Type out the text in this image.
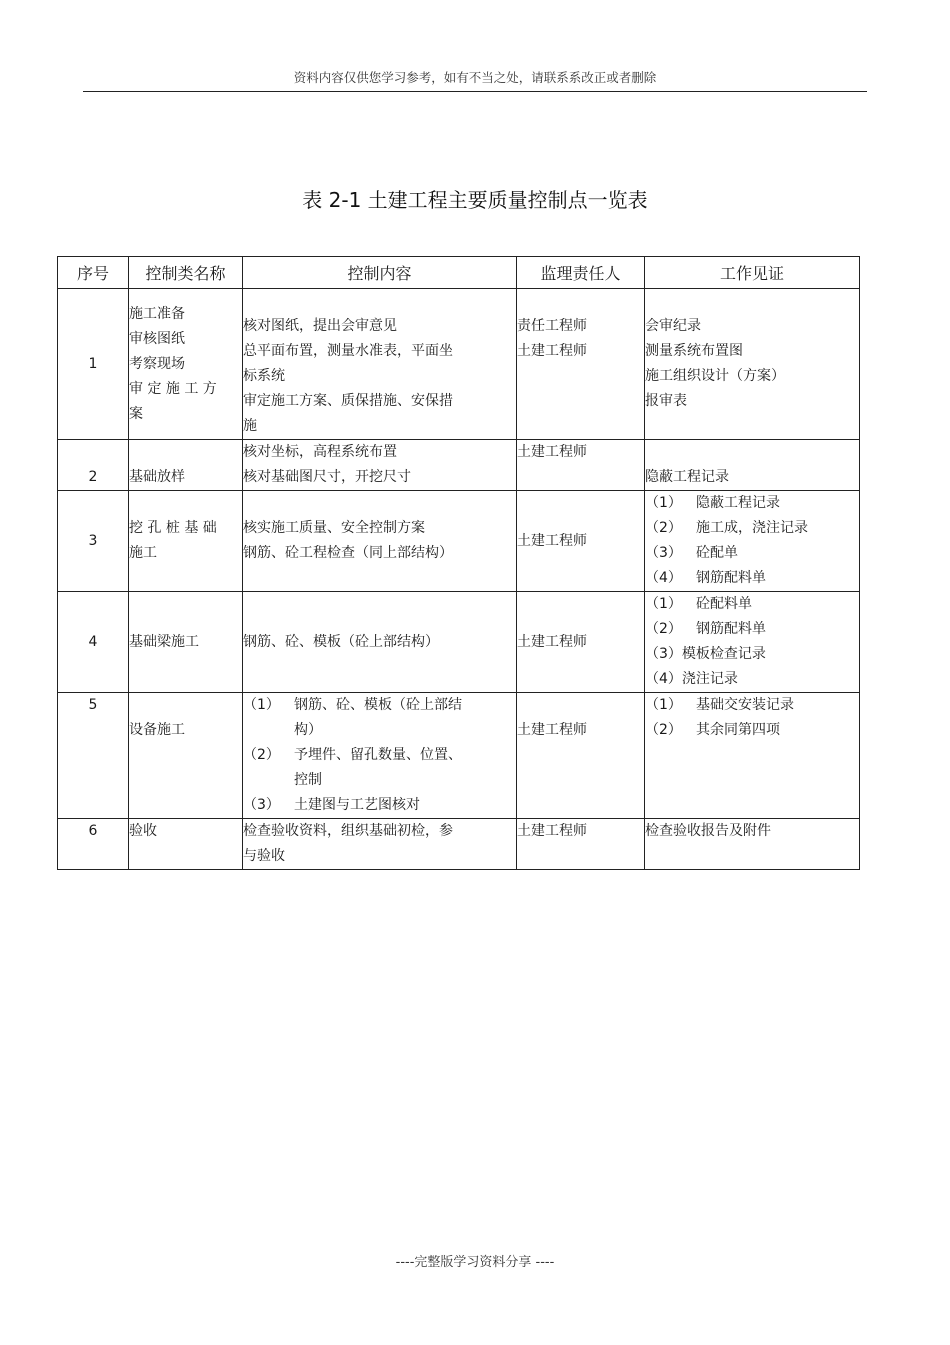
资料内容仅供您学习参考，如有不当之处，请联系系改正或者删除
表 2-1 土建工程主要质量控制点一览表
序号	控制类名称	控制内容	监理责任人	工作见证
1	施工准备
审核图纸
考察现场
审 定 施 工 方
案	核对图纸，提出会审意见
总平面布置，测量水准表，平面坐
标系统
审定施工方案、质保措施、安保措
施	责任工程师
土建工程师	会审纪录
测量系统布置图
施工组织设计（方案）
报审表

2	基础放样	核对坐标，高程系统布置
核对基础图尺寸，开挖尺寸	土建工程师	隐蔽工程记录

3	挖 孔 桩 基 础
施工	核实施工质量、安全控制方案
钢筋、砼工程检查（同上部结构）	土建工程师	（1） 隐蔽工程记录
（2） 施工成，浇注记录
（3） 砼配单
（4） 钢筋配料单

4	基础梁施工	钢筋、砼、模板（砼上部结构）	土建工程师	（1） 砼配料单
（2） 钢筋配料单
（3）模板检查记录
（4）浇注记录

5	设备施工	（1） 钢筋、砼、模板（砼上部结
构）
（2） 予埋件、留孔数量、位置、
控制
（3） 土建图与工艺图核对	土建工程师	（1） 基础交安装记录
（2） 其余同第四项

6	验收	检查验收资料，组织基础初检，参
与验收	土建工程师	检查验收报告及附件
----完整版学习资料分享 ----
